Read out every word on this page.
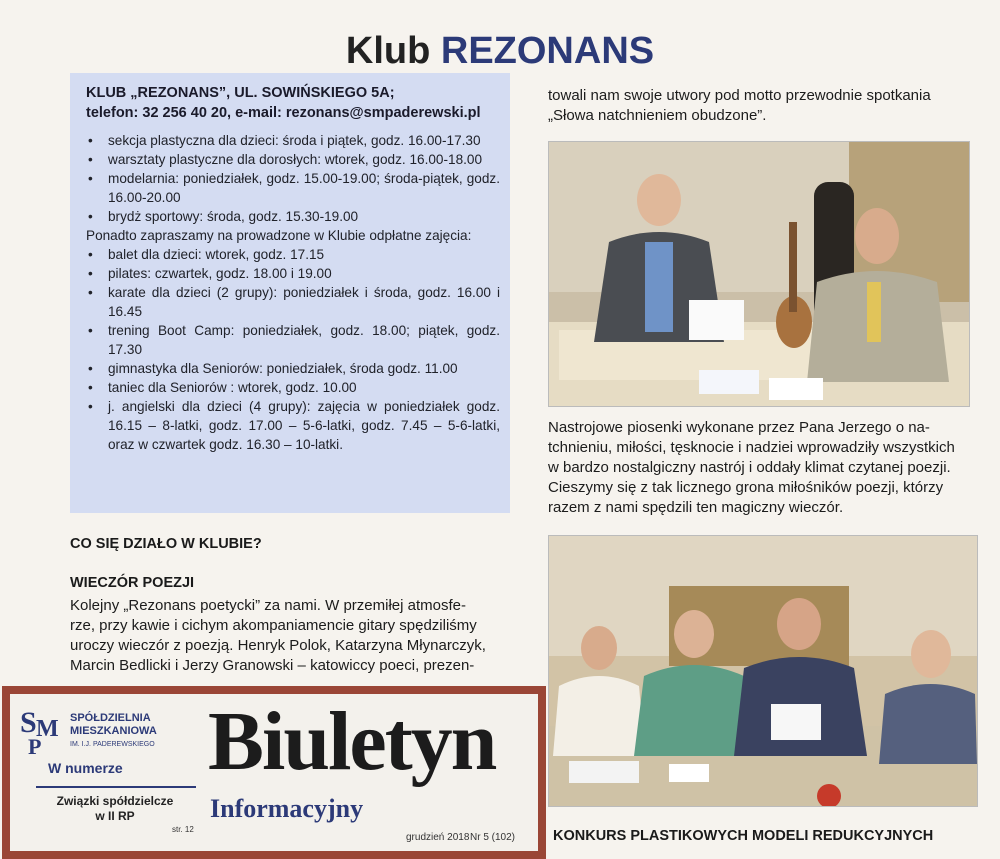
Klub REZONANS
KLUB „REZONANS”, UL. SOWIŃSKIEGO 5A;
telefon: 32 256 40 20, e-mail: rezonans@smpaderewski.pl
• sekcja plastyczna dla dzieci: środa i piątek, godz. 16.00-17.30
• warsztaty plastyczne dla dorosłych: wtorek, godz. 16.00-18.00
• modelarnia: poniedziałek, godz. 15.00-19.00; środa-piątek, godz. 16.00-20.00
• brydż sportowy: środa, godz. 15.30-19.00
Ponadto zapraszamy na prowadzone w Klubie odpłatne zajęcia:
• balet dla dzieci: wtorek, godz. 17.15
• pilates: czwartek, godz. 18.00 i 19.00
• karate dla dzieci (2 grupy): poniedziałek i środa, godz. 16.00 i 16.45
• trening Boot Camp: poniedziałek, godz. 18.00; piątek, godz. 17.30
• gimnastyka dla Seniorów: poniedziałek, środa godz. 11.00
• taniec dla Seniorów : wtorek, godz. 10.00
• j. angielski dla dzieci (4 grupy): zajęcia w poniedziałek godz. 16.15 – 8-latki, godz. 17.00 – 5-6-latki, godz. 7.45 – 5-6-latki, oraz w czwartek godz. 16.30 – 10-latki.
CO SIĘ DZIAŁO W KLUBIE?
WIECZÓR POEZJI
Kolejny „Rezonans poetycki” za nami. W przemiłej atmosfe-
rze, przy kawie i cichym akompaniamencie gitary spędziliśmy
uroczy wieczór z poezją. Henryk Polok, Katarzyna Młynarczyk,
Marcin Bedlicki i Jerzy Granowski – katowiccy poeci, prezen-
towali nam swoje utwory pod motto przewodnie spotkania
„Słowa natchnieniem obudzone”.
Nastrojowe piosenki wykonane przez Pana Jerzego o na-
tchnieniu, miłości, tęsknocie i nadziei wprowadziły wszystkich
w bardzo nostalgiczny nastrój i oddały klimat czytanej poezji.
Cieszymy się z tak licznego grona miłośników poezji, którzy
razem z nami spędzili ten magiczny wieczór.
KONKURS PLASTIKOWYCH MODELI REDUKCYJNYCH
S M
P
SPÓŁDZIELNIA
MIESZKANIOWA
IM. I.J. PADEREWSKIEGO
W numerze
Związki spółdzielcze
w II RP
str. 12
Biuletyn
Informacyjny
grudzień 2018 Nr 5 (102)
